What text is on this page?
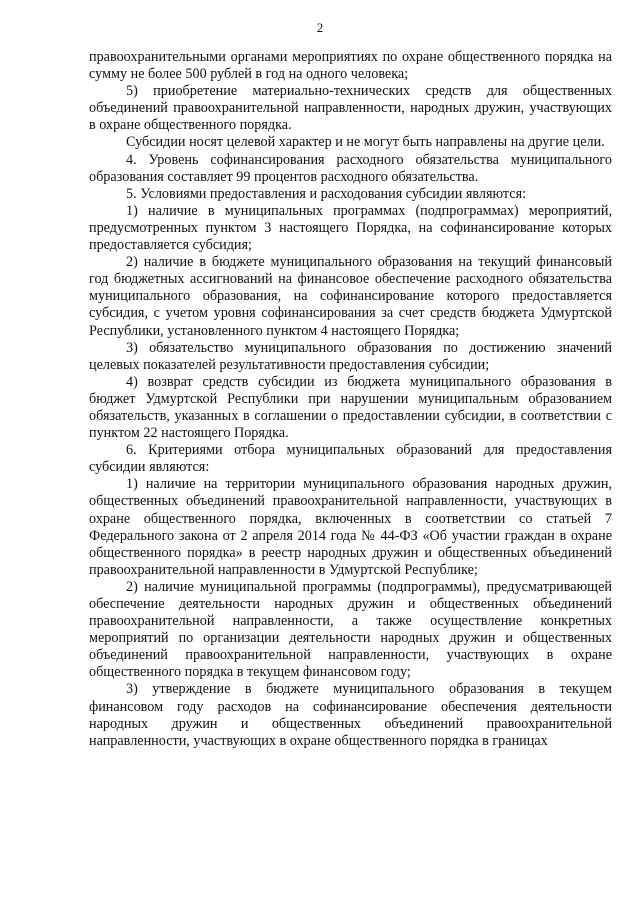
2

правоохранительными органами мероприятиях по охране общественного порядка на сумму не более 500 рублей в год на одного человека;

5) приобретение материально-технических средств для общественных объединений правоохранительной направленности, народных дружин, участвующих в охране общественного порядка.

Субсидии носят целевой характер и не могут быть направлены на другие цели.

4. Уровень софинансирования расходного обязательства муниципального образования составляет 99 процентов расходного обязательства.

5. Условиями предоставления и расходования субсидии являются:

1) наличие в муниципальных программах (подпрограммах) мероприятий, предусмотренных пунктом 3 настоящего Порядка, на софинансирование которых предоставляется субсидия;

2) наличие в бюджете муниципального образования на текущий финансовый год бюджетных ассигнований на финансовое обеспечение расходного обязательства муниципального образования, на софинансирование которого предоставляется субсидия, с учетом уровня софинансирования за счет средств бюджета Удмуртской Республики, установленного пунктом 4 настоящего Порядка;

3) обязательство муниципального образования по достижению значений целевых показателей результативности предоставления субсидии;

4) возврат средств субсидии из бюджета муниципального образования в бюджет Удмуртской Республики при нарушении муниципальным образованием обязательств, указанных в соглашении о предоставлении субсидии, в соответствии с пунктом 22 настоящего Порядка.

6. Критериями отбора муниципальных образований для предоставления субсидии являются:

1) наличие на территории муниципального образования народных дружин, общественных объединений правоохранительной направленности, участвующих в охране общественного порядка, включенных в соответствии со статьей 7 Федерального закона от 2 апреля 2014 года № 44-ФЗ «Об участии граждан в охране общественного порядка» в реестр народных дружин и общественных объединений правоохранительной направленности в Удмуртской Республике;

2) наличие муниципальной программы (подпрограммы), предусматривающей обеспечение деятельности народных дружин и общественных объединений правоохранительной направленности, а также осуществление конкретных мероприятий по организации деятельности народных дружин и общественных объединений правоохранительной направленности, участвующих в охране общественного порядка в текущем финансовом году;

3) утверждение в бюджете муниципального образования в текущем финансовом году расходов на софинансирование обеспечения деятельности народных дружин и общественных объединений правоохранительной направленности, участвующих в охране общественного порядка в границах
